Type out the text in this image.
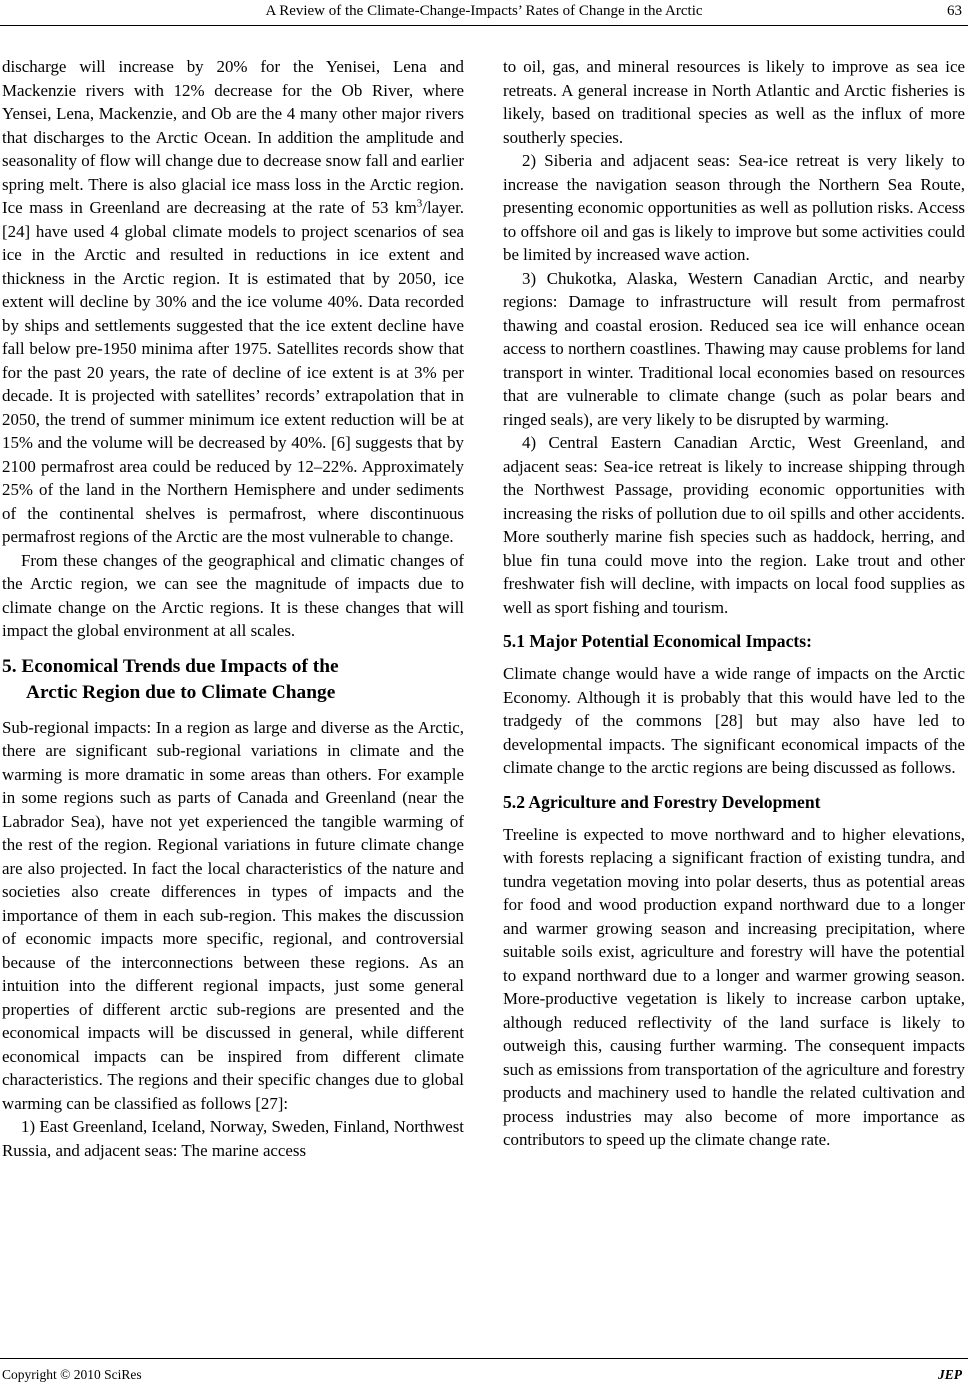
A Review of the Climate-Change-Impacts’ Rates of Change in the Arctic	63

discharge will increase by 20% for the Yenisei, Lena and Mackenzie rivers with 12% decrease for the Ob River, where Yensei, Lena, Mackenzie, and Ob are the 4 many other major rivers that discharges to the Arctic Ocean. In addition the amplitude and seasonality of flow will change due to decrease snow fall and earlier spring melt. There is also glacial ice mass loss in the Arctic region. Ice mass in Greenland are decreasing at the rate of 53 $km^3$/layer. [24] have used 4 global climate models to project scenarios of sea ice in the Arctic and resulted in reductions in ice extent and thickness in the Arctic region. It is estimated that by 2050, ice extent will decline by 30% and the ice volume 40%. Data recorded by ships and settlements suggested that the ice extent decline have fall below pre-1950 minima after 1975. Satellites records show that for the past 20 years, the rate of decline of ice extent is at 3% per decade. It is projected with satellites’ records’ extrapolation that in 2050, the trend of summer minimum ice extent reduction will be at 15% and the volume will be decreased by 40%. [6] suggests that by 2100 permafrost area could be reduced by 12–22%. Approximately 25% of the land in the Northern Hemisphere and under sediments of the continental shelves is permafrost, where discontinuous permafrost regions of the Arctic are the most vulnerable to change.

From these changes of the geographical and climatic changes of the Arctic region, we can see the magnitude of impacts due to climate change on the Arctic regions. It is these changes that will impact the global environment at all scales.

5. Economical Trends due Impacts of the
Arctic Region due to Climate Change

Sub-regional impacts: In a region as large and diverse as the Arctic, there are significant sub-regional variations in climate and the warming is more dramatic in some areas than others. For example in some regions such as parts of Canada and Greenland (near the Labrador Sea), have not yet experienced the tangible warming of the rest of the region. Regional variations in future climate change are also projected. In fact the local characteristics of the nature and societies also create differences in types of impacts and the importance of them in each sub-region. This makes the discussion of economic impacts more specific, regional, and controversial because of the interconnections between these regions. As an intuition into the different regional impacts, just some general properties of different arctic sub-regions are presented and the economical impacts will be discussed in general, while different economical impacts can be inspired from different climate characteristics. The regions and their specific changes due to global warming can be classified as follows [27]:

1) East Greenland, Iceland, Norway, Sweden, Finland, Northwest Russia, and adjacent seas: The marine access

to oil, gas, and mineral resources is likely to improve as sea ice retreats. A general increase in North Atlantic and Arctic fisheries is likely, based on traditional species as well as the influx of more southerly species.

2) Siberia and adjacent seas: Sea-ice retreat is very likely to increase the navigation season through the Northern Sea Route, presenting economic opportunities as well as pollution risks. Access to offshore oil and gas is likely to improve but some activities could be limited by increased wave action.

3) Chukotka, Alaska, Western Canadian Arctic, and nearby regions: Damage to infrastructure will result from permafrost thawing and coastal erosion. Reduced sea ice will enhance ocean access to northern coastlines. Thawing may cause problems for land transport in winter. Traditional local economies based on resources that are vulnerable to climate change (such as polar bears and ringed seals), are very likely to be disrupted by warming.

4) Central Eastern Canadian Arctic, West Greenland, and adjacent seas: Sea-ice retreat is likely to increase shipping through the Northwest Passage, providing economic opportunities with increasing the risks of pollution due to oil spills and other accidents. More southerly marine fish species such as haddock, herring, and blue fin tuna could move into the region. Lake trout and other freshwater fish will decline, with impacts on local food supplies as well as sport fishing and tourism.

5.1 Major Potential Economical Impacts:

Climate change would have a wide range of impacts on the Arctic Economy. Although it is probably that this would have led to the tradgedy of the commons [28] but may also have led to developmental impacts. The significant economical impacts of the climate change to the arctic regions are being discussed as follows.

5.2 Agriculture and Forestry Development

Treeline is expected to move northward and to higher elevations, with forests replacing a significant fraction of existing tundra, and tundra vegetation moving into polar deserts, thus as potential areas for food and wood production expand northward due to a longer and warmer growing season and increasing precipitation, where suitable soils exist, agriculture and forestry will have the potential to expand northward due to a longer and warmer growing season. More-productive vegetation is likely to increase carbon uptake, although reduced reflectivity of the land surface is likely to outweigh this, causing further warming. The consequent impacts such as emissions from transportation of the agriculture and forestry products and machinery used to handle the related cultivation and process industries may also become of more importance as contributors to speed up the climate change rate.

Copyright © 2010 SciRes	JEP
